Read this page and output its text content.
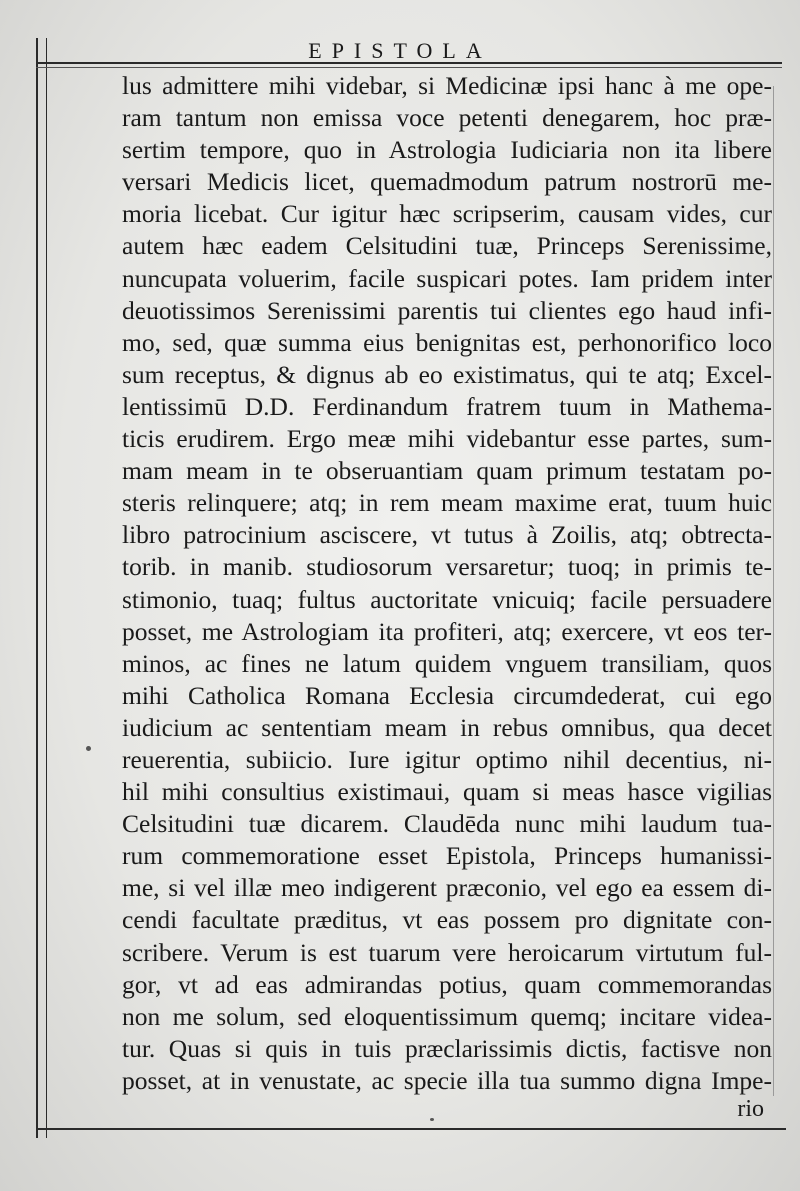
EPISTOLA
lus admittere mihi videbar, si Medicinæ ipsi hanc à me ope-
ram tantum non emissa voce petenti denegarem, hoc præ-
sertim tempore, quo in Astrologia Iudiciaria non ita libere
versari Medicis licet, quemadmodum patrum nostrorū me-
moria licebat. Cur igitur hæc scripserim, causam vides, cur
autem hæc eadem Celsitudini tuæ, Princeps Serenissime,
nuncupata voluerim, facile suspicari potes. Iam pridem inter
deuotissimos Serenissimi parentis tui clientes ego haud infi-
mo, sed, quæ summa eius benignitas est, perhonorifico loco
sum receptus, & dignus ab eo existimatus, qui te atq; Excel-
lentissimū D.D. Ferdinandum fratrem tuum in Mathema-
ticis erudirem. Ergo meæ mihi videbantur esse partes, sum-
mam meam in te obseruantiam quam primum testatam po-
steris relinquere; atq; in rem meam maxime erat, tuum huic
libro patrocinium asciscere, vt tutus à Zoilis, atq; obtrecta-
torib. in manib. studiosorum versaretur; tuoq; in primis te-
stimonio, tuaq; fultus auctoritate vnicuiq; facile persuadere
posset, me Astrologiam ita profiteri, atq; exercere, vt eos ter-
minos, ac fines ne latum quidem vnguem transiliam, quos
mihi Catholica Romana Ecclesia circumdederat, cui ego
iudicium ac sententiam meam in rebus omnibus, qua decet
reuerentia, subiicio. Iure igitur optimo nihil decentius, ni-
hil mihi consultius existimaui, quam si meas hasce vigilias
Celsitudini tuæ dicarem. Claudēda nunc mihi laudum tua-
rum commemoratione esset Epistola, Princeps humanissi-
me, si vel illæ meo indigerent præconio, vel ego ea essem di-
cendi facultate præditus, vt eas possem pro dignitate con-
scribere. Verum is est tuarum vere heroicarum virtutum ful-
gor, vt ad eas admirandas potius, quam commemorandas
non me solum, sed eloquentissimum quemq; incitare videa-
tur. Quas si quis in tuis præclarissimis dictis, factisve non
posset, at in venustate, ac specie illa tua summo digna Impe-
rio
